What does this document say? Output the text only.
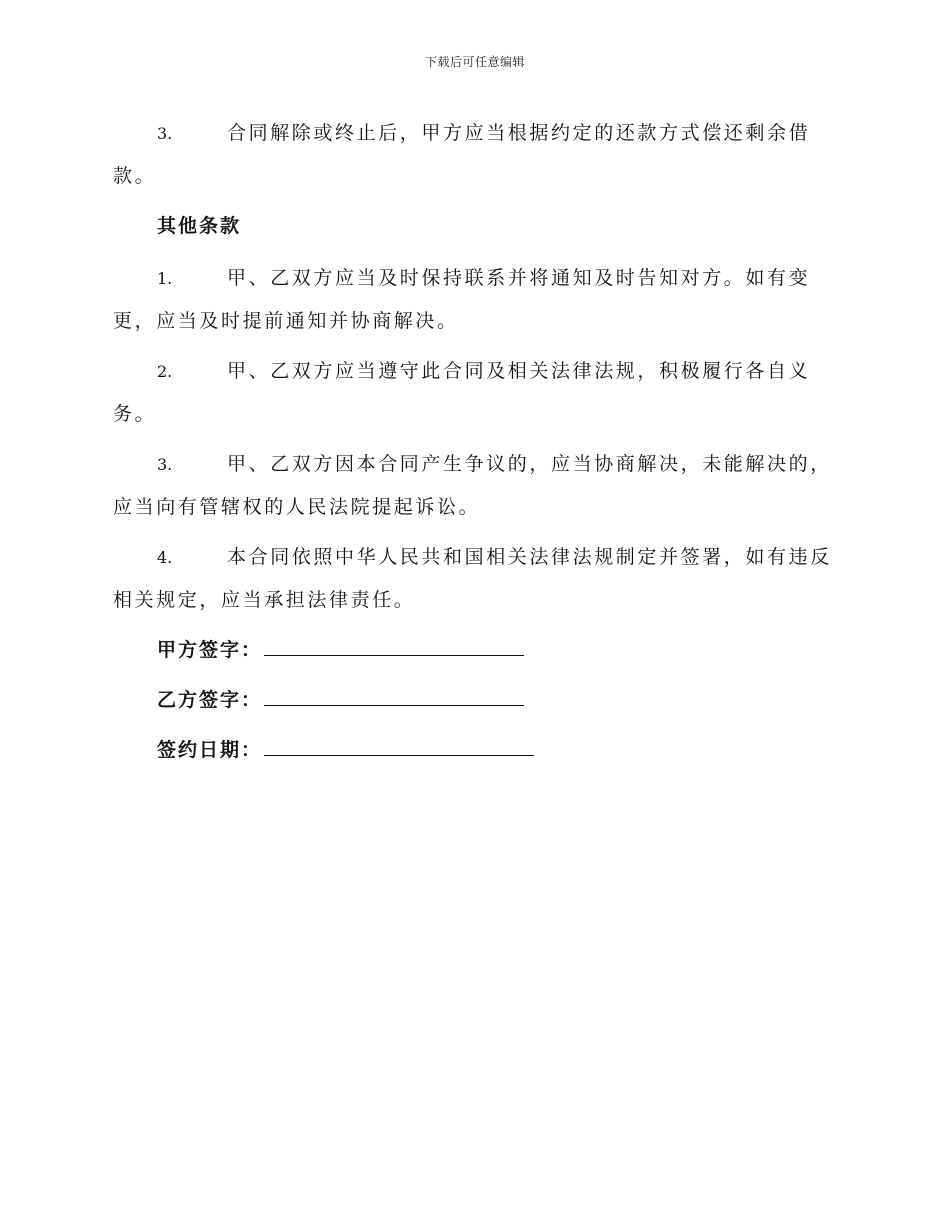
下载后可任意编辑

3.	合同解除或终止后，甲方应当根据约定的还款方式偿还剩余借款。

其他条款

1.	甲、乙双方应当及时保持联系并将通知及时告知对方。如有变更，应当及时提前通知并协商解决。

2.	甲、乙双方应当遵守此合同及相关法律法规，积极履行各自义务。

3.	甲、乙双方因本合同产生争议的，应当协商解决，未能解决的，应当向有管辖权的人民法院提起诉讼。

4.	本合同依照中华人民共和国相关法律法规制定并签署，如有违反相关规定，应当承担法律责任。

甲方签字：
乙方签字：
签约日期：
